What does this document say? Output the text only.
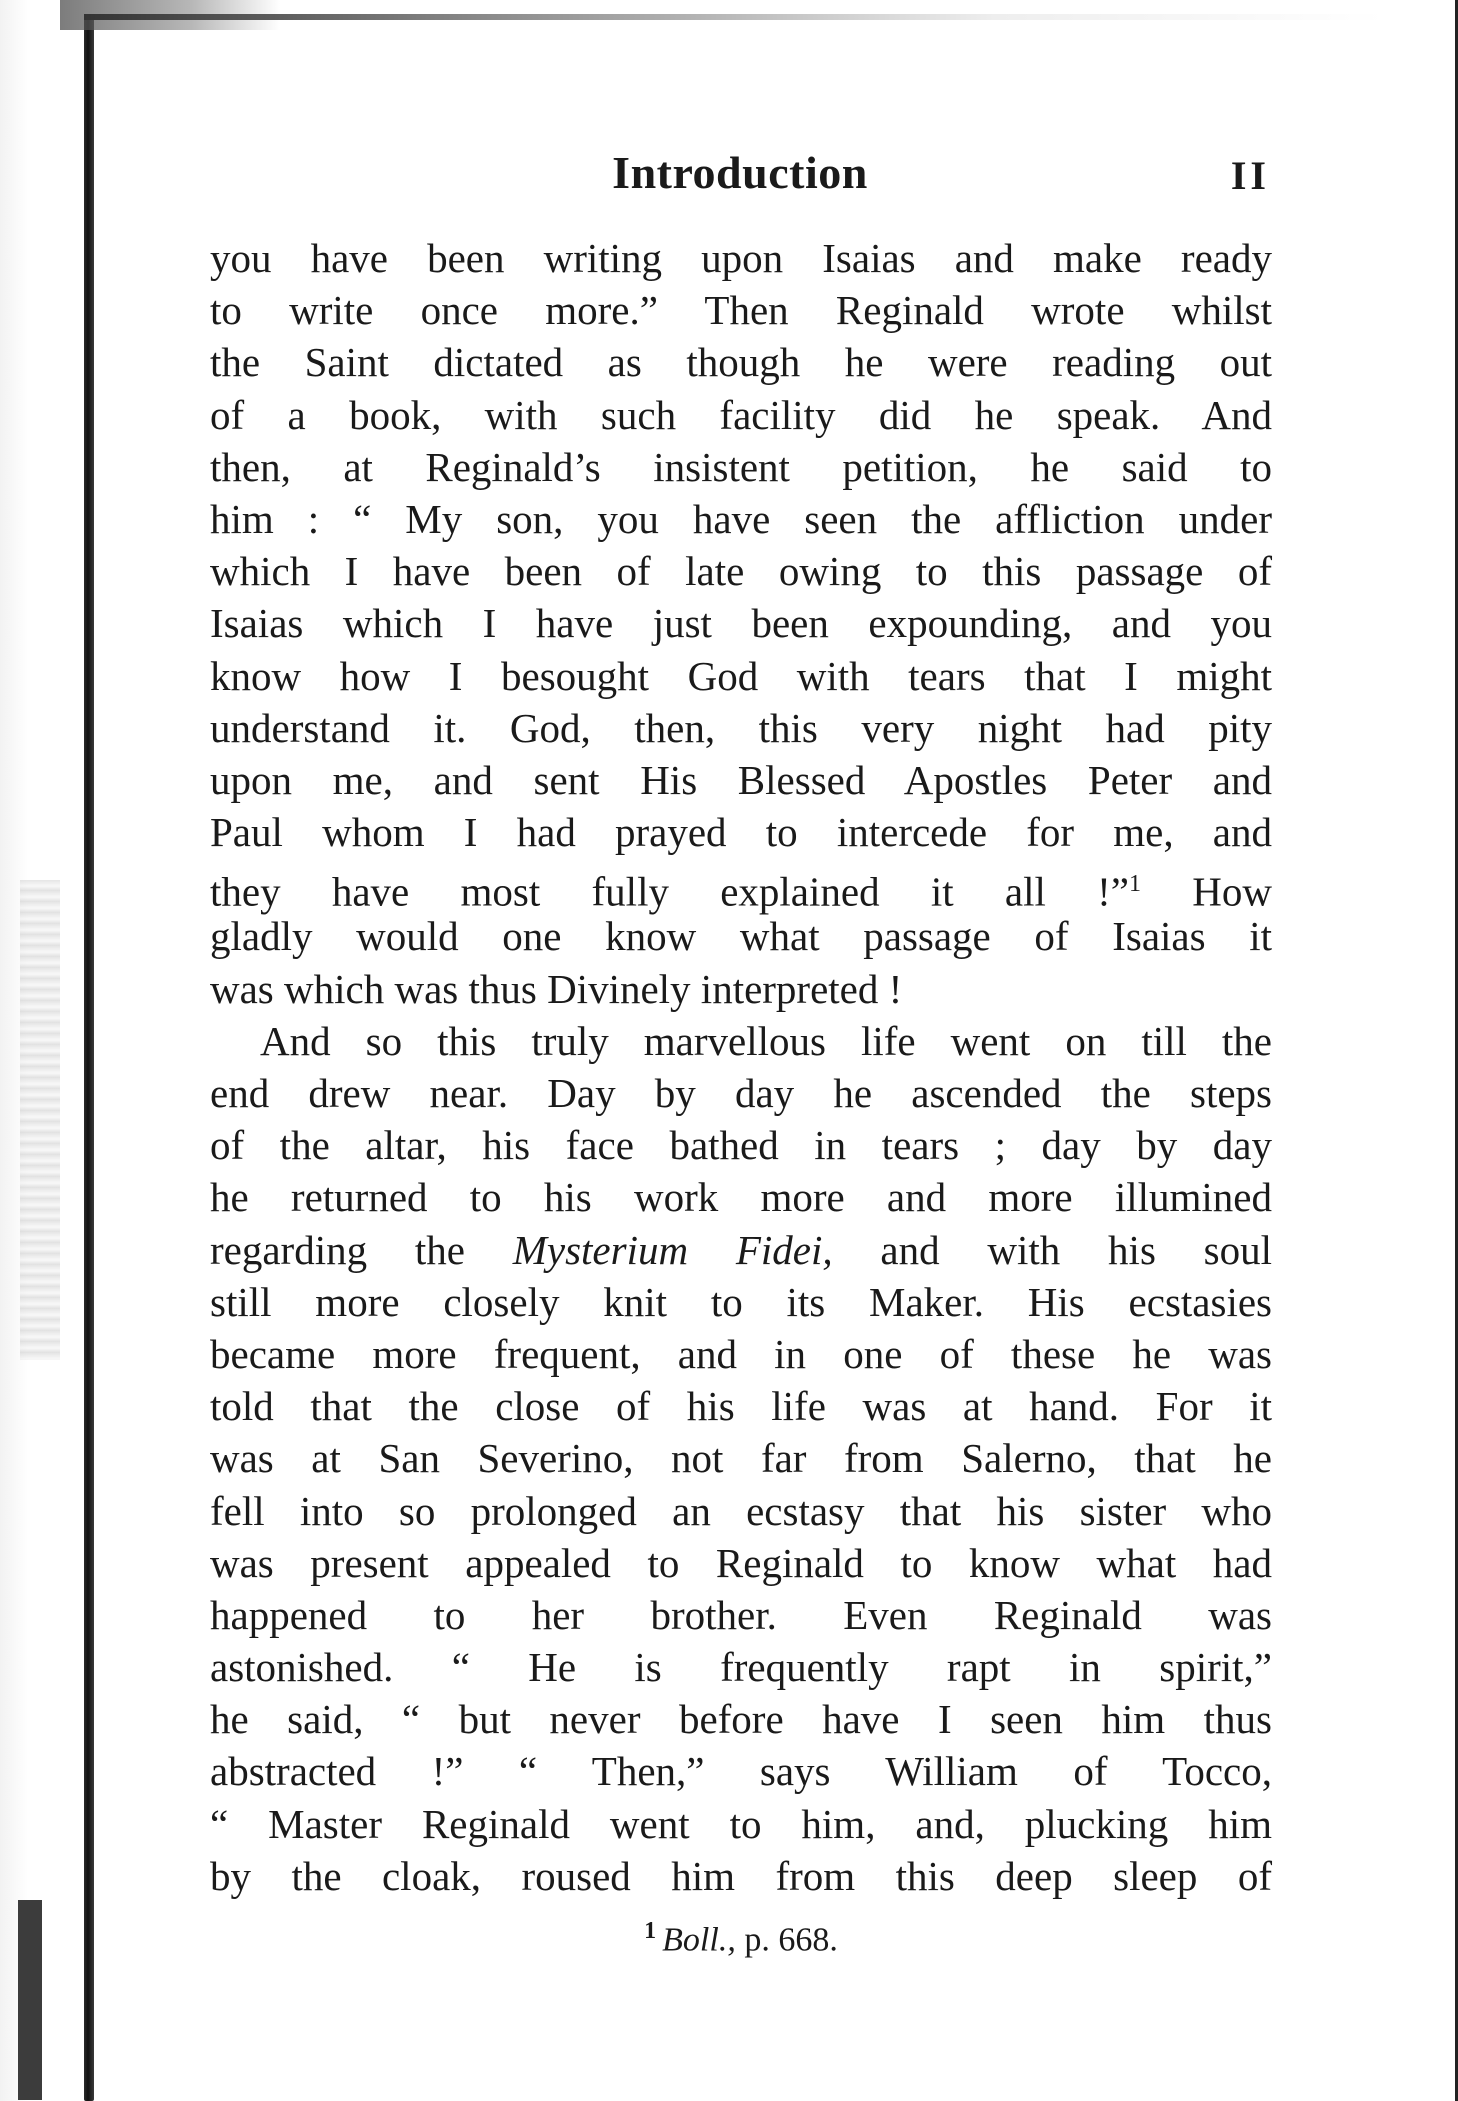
Introduction	II
you have been writing upon Isaias and make ready
to write once more.” Then Reginald wrote whilst
the Saint dictated as though he were reading out
of a book, with such facility did he speak. And
then, at Reginald’s insistent petition, he said to
him : “ My son, you have seen the affliction under
which I have been of late owing to this passage of
Isaias which I have just been expounding, and you
know how I besought God with tears that I might
understand it. God, then, this very night had pity
upon me, and sent His Blessed Apostles Peter and
Paul whom I had prayed to intercede for me, and
they have most fully explained it all !”$^1$ How
gladly would one know what passage of Isaias it
was which was thus Divinely interpreted !
And so this truly marvellous life went on till the
end drew near. Day by day he ascended the steps
of the altar, his face bathed in tears ; day by day
he returned to his work more and more illumined
regarding the Mysterium Fidei, and with his soul
still more closely knit to its Maker. His ecstasies
became more frequent, and in one of these he was
told that the close of his life was at hand. For it
was at San Severino, not far from Salerno, that he
fell into so prolonged an ecstasy that his sister who
was present appealed to Reginald to know what had
happened to her brother. Even Reginald was
astonished. “ He is frequently rapt in spirit,”
he said, “ but never before have I seen him thus
abstracted !” “ Then,” says William of Tocco,
“ Master Reginald went to him, and, plucking him
by the cloak, roused him from this deep sleep of
$^1$ Boll., p. 668.
